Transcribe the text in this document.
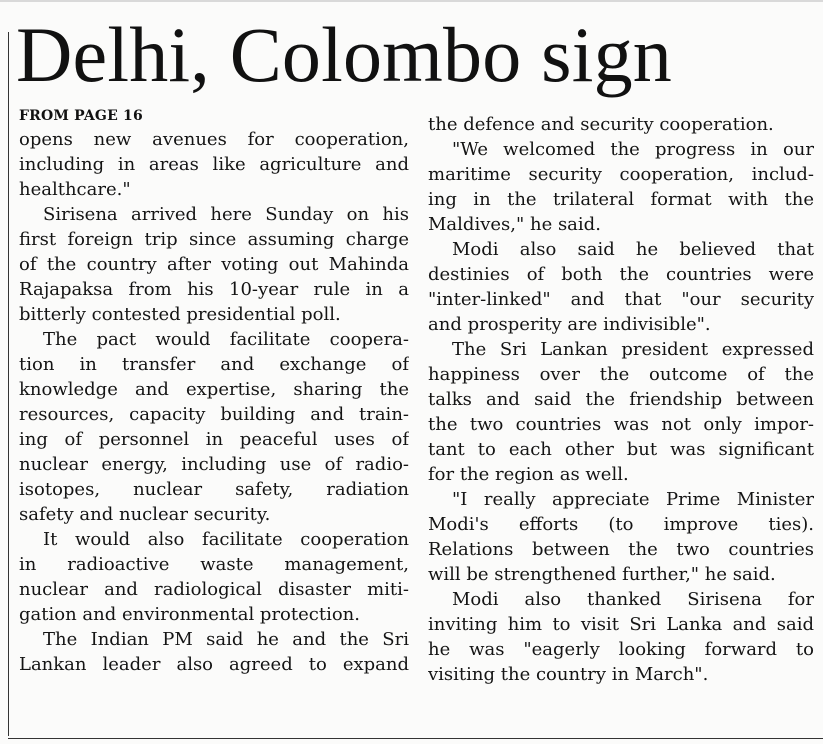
Delhi, Colombo sign
FROM PAGE 16
opens new avenues for cooperation,
including in areas like agriculture and
healthcare."
Sirisena arrived here Sunday on his
first foreign trip since assuming charge
of the country after voting out Mahinda
Rajapaksa from his 10-year rule in a
bitterly contested presidential poll.
The pact would facilitate coopera-
tion in transfer and exchange of
knowledge and expertise, sharing the
resources, capacity building and train-
ing of personnel in peaceful uses of
nuclear energy, including use of radio-
isotopes, nuclear safety, radiation
safety and nuclear security.
It would also facilitate cooperation
in radioactive waste management,
nuclear and radiological disaster miti-
gation and environmental protection.
The Indian PM said he and the Sri
Lankan leader also agreed to expand
the defence and security cooperation.
"We welcomed the progress in our
maritime security cooperation, includ-
ing in the trilateral format with the
Maldives," he said.
Modi also said he believed that
destinies of both the countries were
"inter-linked" and that "our security
and prosperity are indivisible".
The Sri Lankan president expressed
happiness over the outcome of the
talks and said the friendship between
the two countries was not only impor-
tant to each other but was significant
for the region as well.
"I really appreciate Prime Minister
Modi's efforts (to improve ties).
Relations between the two countries
will be strengthened further," he said.
Modi also thanked Sirisena for
inviting him to visit Sri Lanka and said
he was "eagerly looking forward to
visiting the country in March".
